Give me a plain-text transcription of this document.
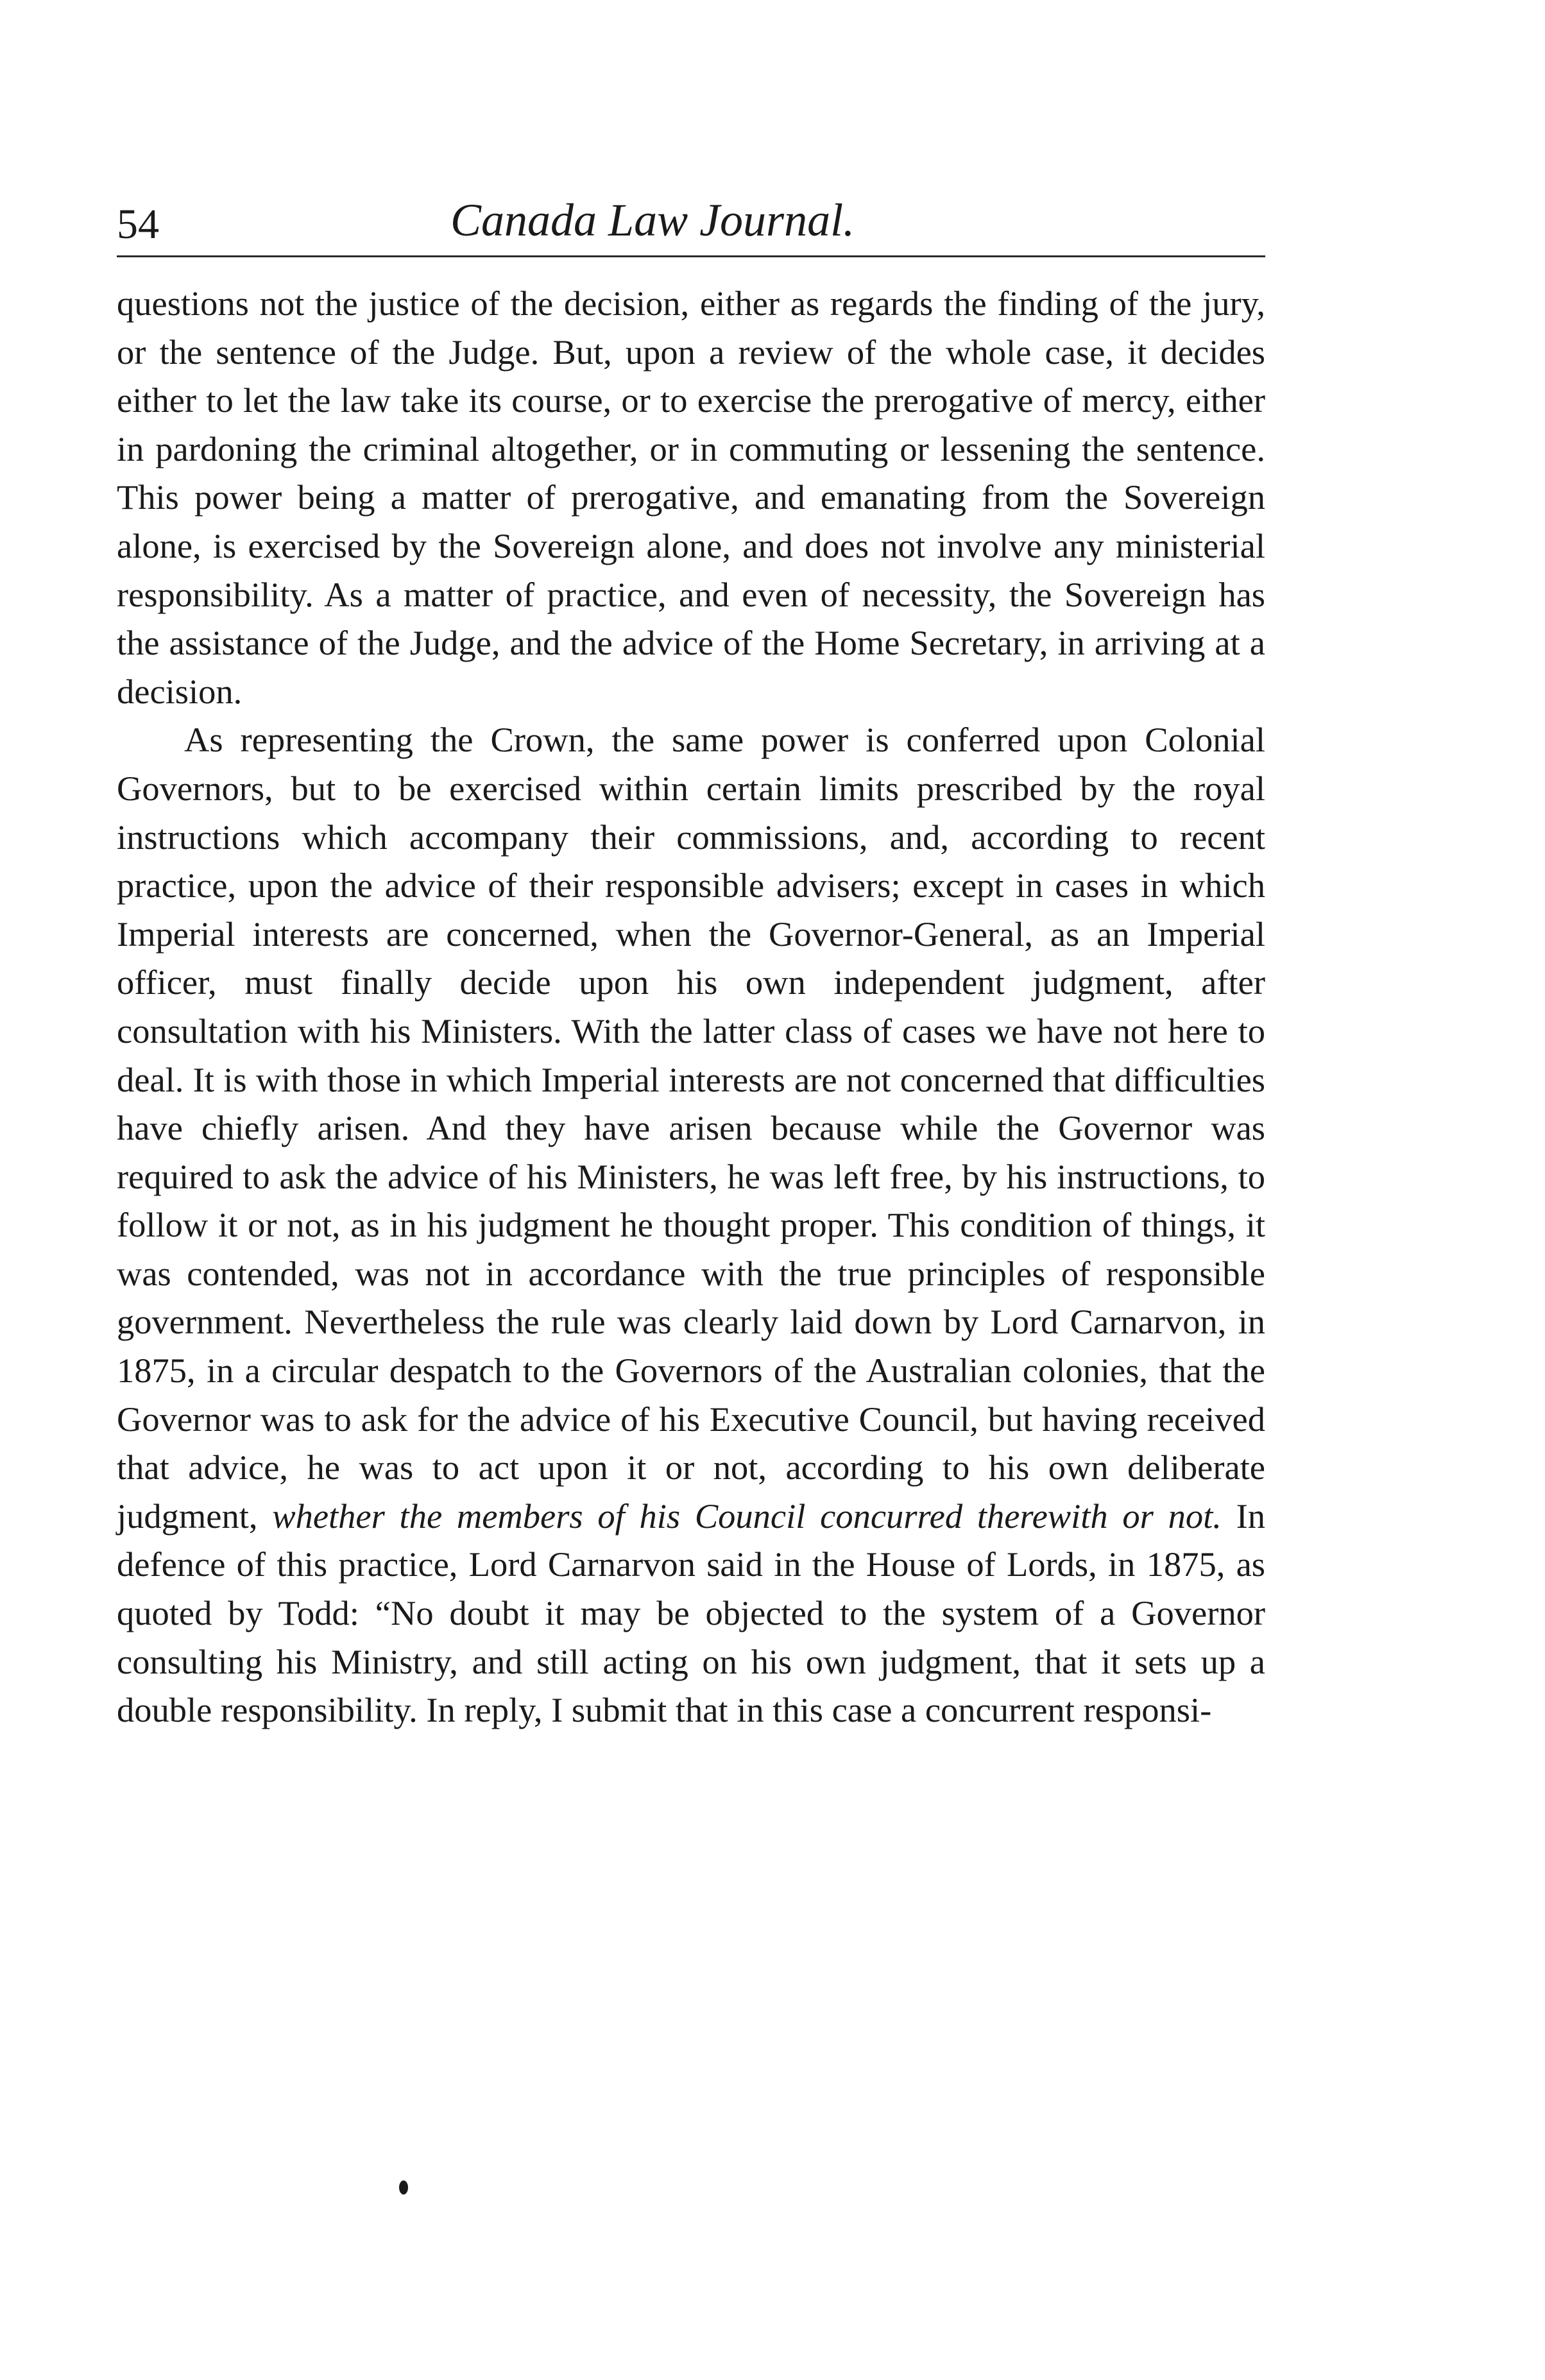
54	Canada Law Journal.

questions not the justice of the decision, either as regards the finding of the jury, or the sentence of the Judge. But, upon a review of the whole case, it decides either to let the law take its course, or to exercise the prerogative of mercy, either in pardoning the criminal altogether, or in commuting or lessening the sentence. This power being a matter of prerogative, and emanating from the Sovereign alone, is exercised by the Sovereign alone, and does not involve any ministerial responsibility. As a matter of practice, and even of necessity, the Sovereign has the assistance of the Judge, and the advice of the Home Secretary, in arriving at a decision.

As representing the Crown, the same power is conferred upon Colonial Governors, but to be exercised within certain limits prescribed by the royal instructions which accompany their commissions, and, according to recent practice, upon the advice of their responsible advisers; except in cases in which Imperial interests are concerned, when the Governor-General, as an Imperial officer, must finally decide upon his own independent judgment, after consultation with his Ministers. With the latter class of cases we have not here to deal. It is with those in which Imperial interests are not concerned that difficulties have chiefly arisen. And they have arisen because while the Governor was required to ask the advice of his Ministers, he was left free, by his instructions, to follow it or not, as in his judgment he thought proper. This condition of things, it was contended, was not in accordance with the true principles of responsible government. Nevertheless the rule was clearly laid down by Lord Carnarvon, in 1875, in a circular despatch to the Governors of the Australian colonies, that the Governor was to ask for the advice of his Executive Council, but having received that advice, he was to act upon it or not, according to his own deliberate judgment, whether the members of his Council concurred therewith or not. In defence of this practice, Lord Carnarvon said in the House of Lords, in 1875, as quoted by Todd: “No doubt it may be objected to the system of a Governor consulting his Ministry, and still acting on his own judgment, that it sets up a double responsibility. In reply, I submit that in this case a concurrent responsi-
